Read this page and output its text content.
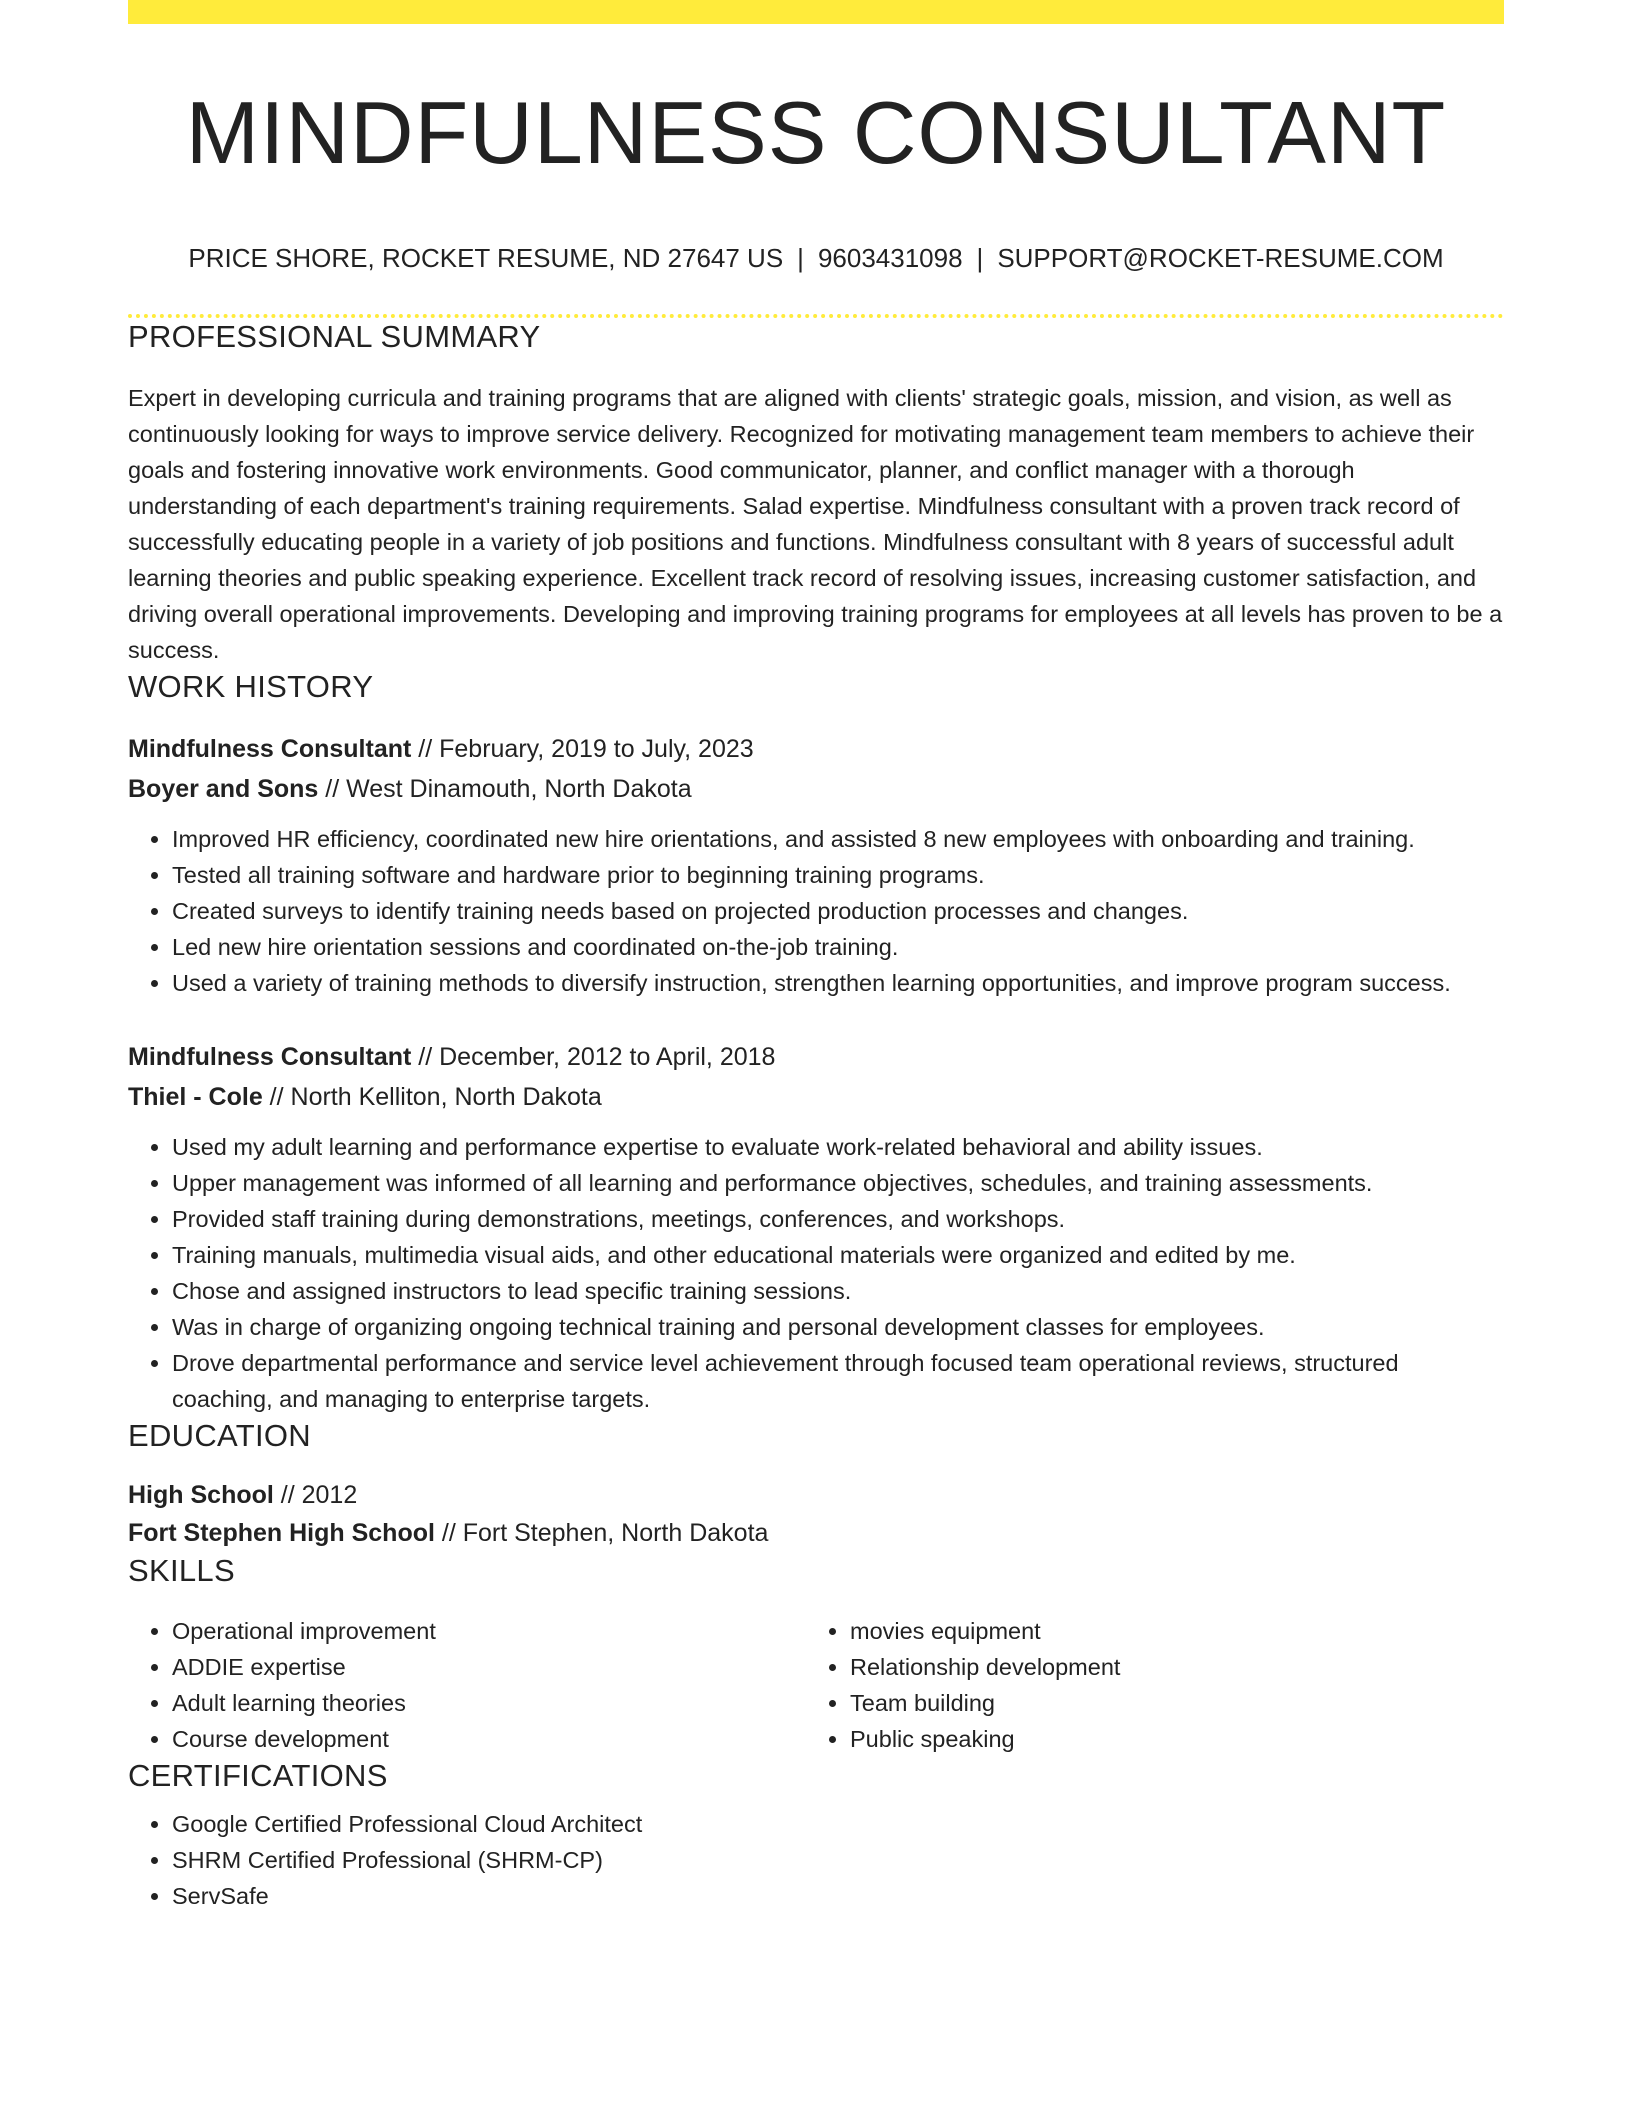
MINDFULNESS CONSULTANT
PRICE SHORE, ROCKET RESUME, ND 27647 US | 9603431098 | SUPPORT@ROCKET-RESUME.COM
PROFESSIONAL SUMMARY

Expert in developing curricula and training programs that are aligned with clients' strategic goals, mission, and vision, as well as continuously looking for ways to improve service delivery. Recognized for motivating management team members to achieve their goals and fostering innovative work environments. Good communicator, planner, and conflict manager with a thorough understanding of each department's training requirements. Salad expertise. Mindfulness consultant with a proven track record of successfully educating people in a variety of job positions and functions. Mindfulness consultant with 8 years of successful adult learning theories and public speaking experience. Excellent track record of resolving issues, increasing customer satisfaction, and driving overall operational improvements. Developing and improving training programs for employees at all levels has proven to be a success.

WORK HISTORY
Mindfulness Consultant // February, 2019 to July, 2023
Boyer and Sons // West Dinamouth, North Dakota
• Improved HR efficiency, coordinated new hire orientations, and assisted 8 new employees with onboarding and training.
• Tested all training software and hardware prior to beginning training programs.
• Created surveys to identify training needs based on projected production processes and changes.
• Led new hire orientation sessions and coordinated on-the-job training.
• Used a variety of training methods to diversify instruction, strengthen learning opportunities, and improve program success.
Mindfulness Consultant // December, 2012 to April, 2018
Thiel - Cole // North Kelliton, North Dakota
• Used my adult learning and performance expertise to evaluate work-related behavioral and ability issues.
• Upper management was informed of all learning and performance objectives, schedules, and training assessments.
• Provided staff training during demonstrations, meetings, conferences, and workshops.
• Training manuals, multimedia visual aids, and other educational materials were organized and edited by me.
• Chose and assigned instructors to lead specific training sessions.
• Was in charge of organizing ongoing technical training and personal development classes for employees.
• Drove departmental performance and service level achievement through focused team operational reviews, structured coaching, and managing to enterprise targets.
EDUCATION
High School // 2012
Fort Stephen High School // Fort Stephen, North Dakota
SKILLS
• Operational improvement
• ADDIE expertise
• Adult learning theories
• Course development
• movies equipment
• Relationship development
• Team building
• Public speaking
CERTIFICATIONS
• Google Certified Professional Cloud Architect
• SHRM Certified Professional (SHRM-CP)
• ServSafe
